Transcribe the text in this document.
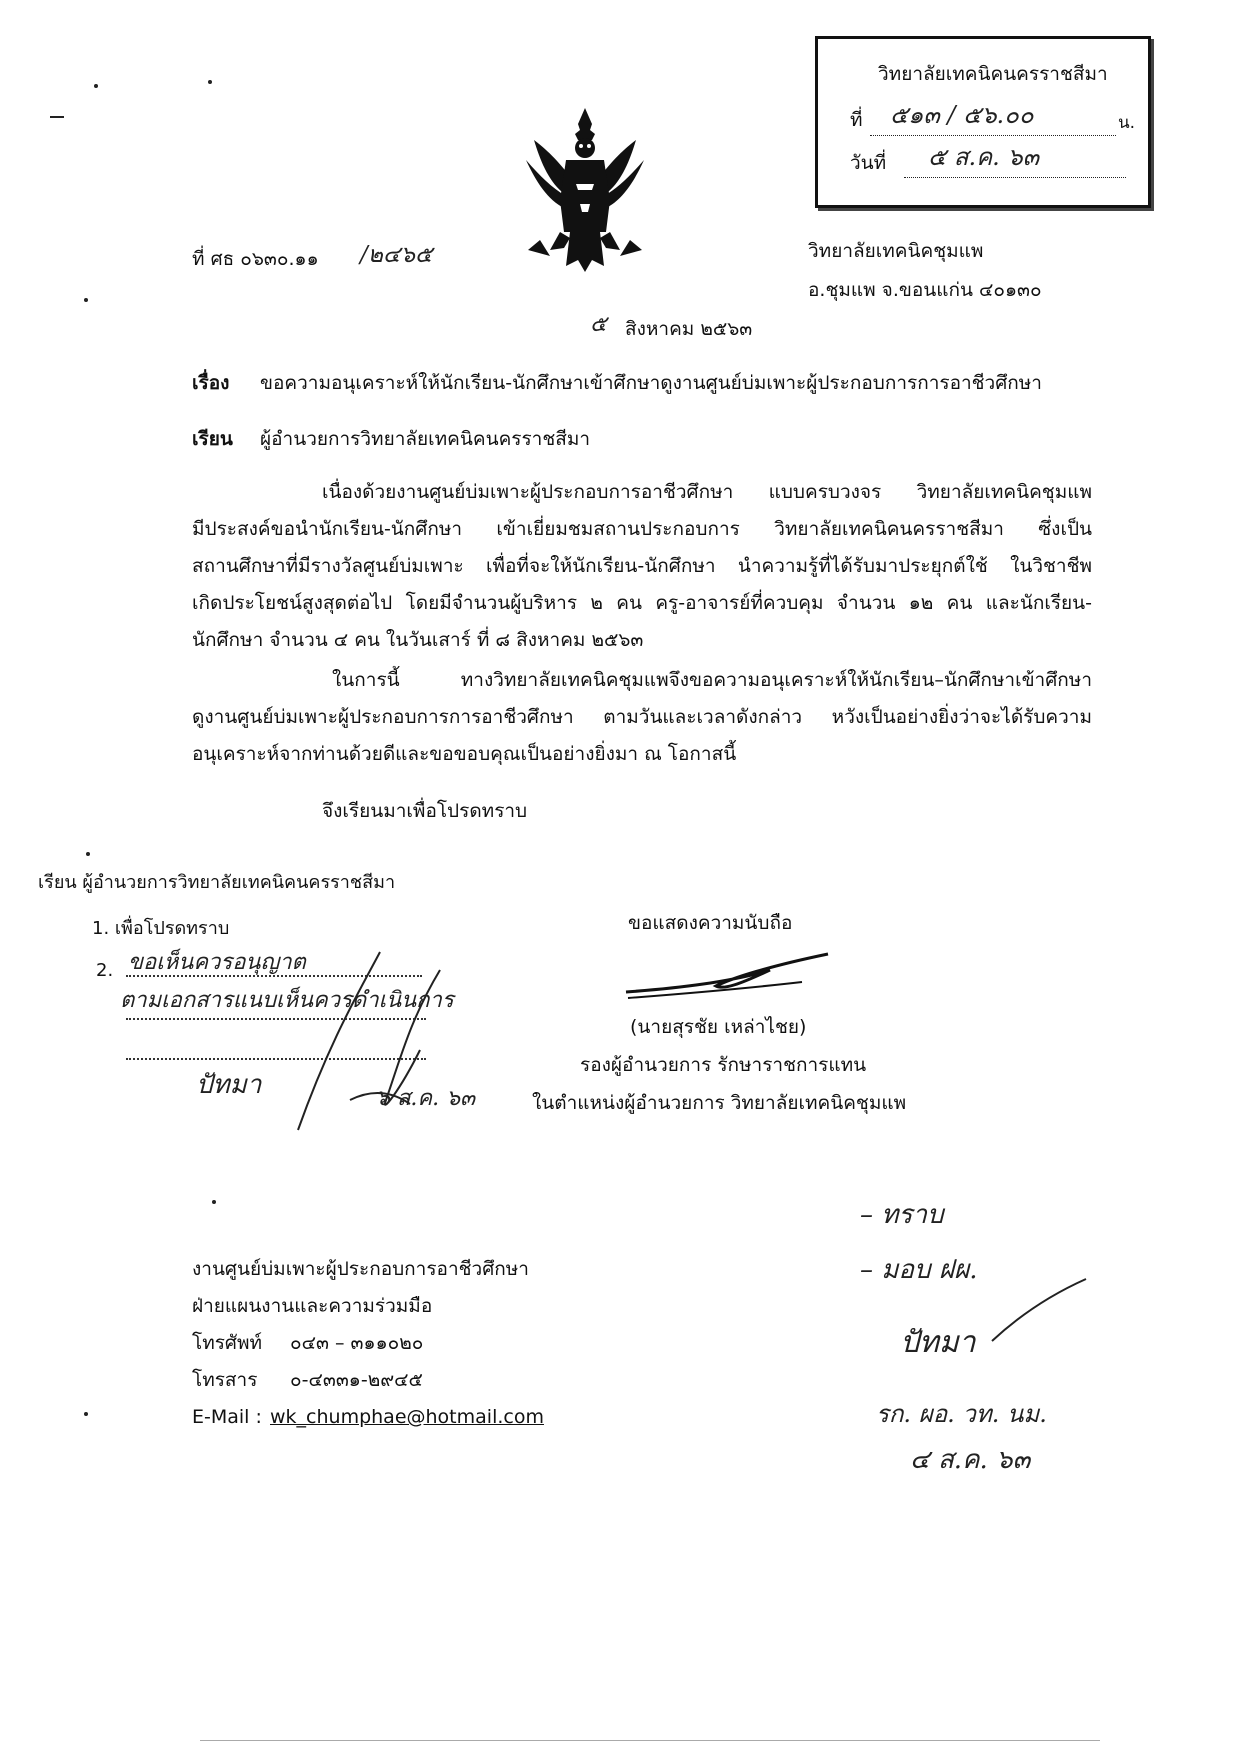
วิทยาลัยเทคนิคนครราชสีมา
ที่ ๕๑๓ / ๕๖.๐๐	น.
วันที่ ๕ ส.ค. ๖๓
ที่ ศธ ๐๖๓๐.๑๑ /๒๔๖๕	วิทยาลัยเทคนิคชุมแพ
อ.ชุมแพ จ.ขอนแก่น ๔๐๑๓๐
๕ สิงหาคม ๒๕๖๓
เรื่อง ขอความอนุเคราะห์ให้นักเรียน-นักศึกษาเข้าศึกษาดูงานศูนย์บ่มเพาะผู้ประกอบการการอาชีวศึกษา
เรียน ผู้อำนวยการวิทยาลัยเทคนิคนครราชสีมา
เนื่องด้วยงานศูนย์บ่มเพาะผู้ประกอบการอาชีวศึกษา แบบครบวงจร วิทยาลัยเทคนิคชุมแพ
มีประสงค์ขอนำนักเรียน-นักศึกษา เข้าเยี่ยมชมสถานประกอบการ วิทยาลัยเทคนิคนครราชสีมา ซึ่งเป็น
สถานศึกษาที่มีรางวัลศูนย์บ่มเพาะ เพื่อที่จะให้นักเรียน-นักศึกษา นำความรู้ที่ได้รับมาประยุกต์ใช้ ในวิชาชีพ
เกิดประโยชน์สูงสุดต่อไป โดยมีจำนวนผู้บริหาร ๒ คน ครู-อาจารย์ที่ควบคุม จำนวน ๑๒ คน และนักเรียน-
นักศึกษา จำนวน ๔ คน ในวันเสาร์ ที่ ๘ สิงหาคม ๒๕๖๓
ในการนี้ ทางวิทยาลัยเทคนิคชุมแพจึงขอความอนุเคราะห์ให้นักเรียน–นักศึกษาเข้าศึกษา
ดูงานศูนย์บ่มเพาะผู้ประกอบการการอาชีวศึกษา ตามวันและเวลาดังกล่าว หวังเป็นอย่างยิ่งว่าจะได้รับความ
อนุเคราะห์จากท่านด้วยดีและขอขอบคุณเป็นอย่างยิ่งมา ณ โอกาสนี้
จึงเรียนมาเพื่อโปรดทราบ
เรียน ผู้อำนวยการวิทยาลัยเทคนิคนครราชสีมา
1. เพื่อโปรดทราบ
2. ขอเห็นควรอนุญาต
ตามเอกสารแนบเห็นควรดำเนินการ
ปัทมา	๖ ส.ค. ๖๓
ขอแสดงความนับถือ
(นายสุรชัย เหล่าไชย)
รองผู้อำนวยการ รักษาราชการแทน
ในตำแหน่งผู้อำนวยการ วิทยาลัยเทคนิคชุมแพ
– ทราบ
– มอบ ฝผ.
ปัทมา
รก. ผอ. วท. นม.
๔ ส.ค. ๖๓
งานศูนย์บ่มเพาะผู้ประกอบการอาชีวศึกษา
ฝ่ายแผนงานและความร่วมมือ
โทรศัพท์ ๐๔๓ – ๓๑๑๐๒๐
โทรสาร ๐-๔๓๓๑-๒๙๔๕
E-Mail : wk_chumphae@hotmail.com
